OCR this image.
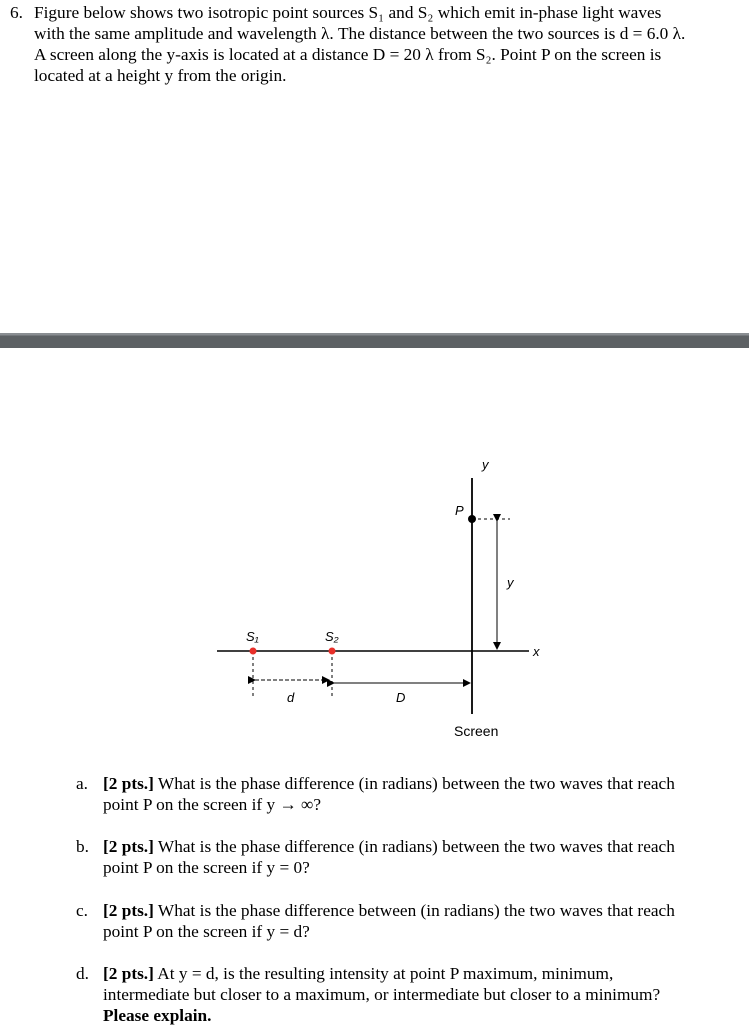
6. Figure below shows two isotropic point sources S₁ and S₂ which emit in-phase light waves
with the same amplitude and wavelength λ. The distance between the two sources is d = 6.0 λ.
A screen along the y-axis is located at a distance D = 20 λ from S₂. Point P on the screen is
located at a height y from the origin.
y
P
y
x
S₁	S₂
d	D
Screen
a. [2 pts.] What is the phase difference (in radians) between the two waves that reach
point P on the screen if y → ∞?
b. [2 pts.] What is the phase difference (in radians) between the two waves that reach
point P on the screen if y = 0?
c. [2 pts.] What is the phase difference between (in radians) the two waves that reach
point P on the screen if y = d?
d. [2 pts.] At y = d, is the resulting intensity at point P maximum, minimum,
intermediate but closer to a maximum, or intermediate but closer to a minimum?
Please explain.
